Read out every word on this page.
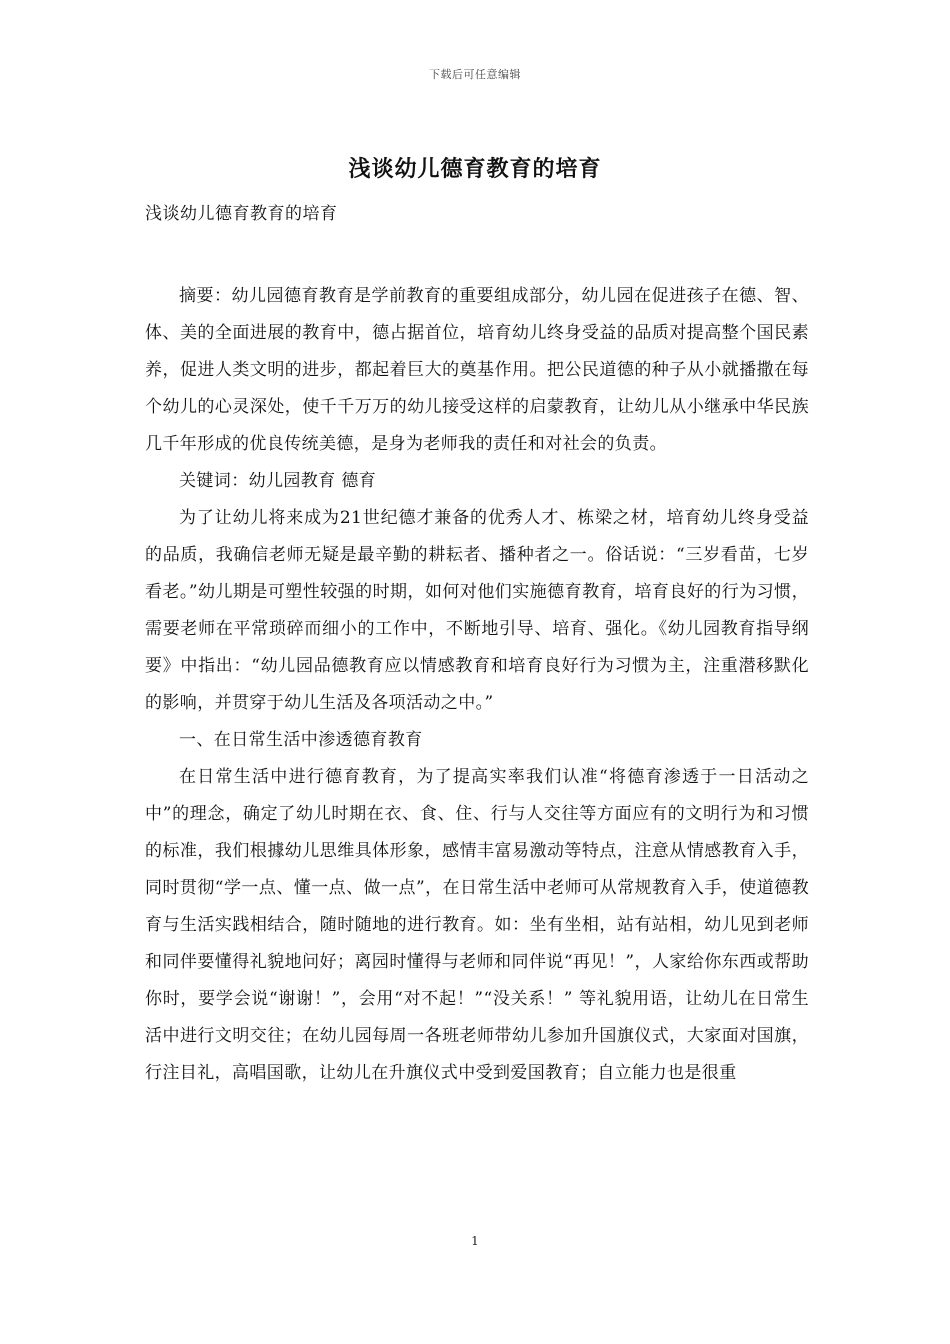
下载后可任意编辑
浅谈幼儿德育教育的培育

浅谈幼儿德育教育的培育

摘要：幼儿园德育教育是学前教育的重要组成部分，幼儿园在促进孩子在德、智、体、美的全面进展的教育中，德占据首位，培育幼儿终身受益的品质对提高整个国民素养，促进人类文明的进步，都起着巨大的奠基作用。把公民道德的种子从小就播撒在每个幼儿的心灵深处，使千千万万的幼儿接受这样的启蒙教育，让幼儿从小继承中华民族几千年形成的优良传统美德，是身为老师我的责任和对社会的负责。

关键词：幼儿园教育 德育

为了让幼儿将来成为21世纪德才兼备的优秀人才、栋梁之材，培育幼儿终身受益的品质，我确信老师无疑是最辛勤的耕耘者、播种者之一。俗话说：“三岁看苗，七岁看老。”幼儿期是可塑性较强的时期，如何对他们实施德育教育，培育良好的行为习惯，需要老师在平常琐碎而细小的工作中，不断地引导、培育、强化。《幼儿园教育指导纲要》中指出：“幼儿园品德教育应以情感教育和培育良好行为习惯为主，注重潜移默化的影响，并贯穿于幼儿生活及各项活动之中。”

一、在日常生活中渗透德育教育

在日常生活中进行德育教育，为了提高实率我们认准“将德育渗透于一日活动之中”的理念，确定了幼儿时期在衣、食、住、行与人交往等方面应有的文明行为和习惯的标准，我们根據幼儿思维具体形象，感情丰富易激动等特点，注意从情感教育入手，同时贯彻“学一点、懂一点、做一点”，在日常生活中老师可从常规教育入手，使道德教育与生活实践相结合，随时随地的进行教育。如：坐有坐相，站有站相，幼儿见到老师和同伴要懂得礼貌地问好；离园时懂得与老师和同伴说“再见！”，人家给你东西或帮助你时，要学会说“谢谢！”，会用“对不起！”“没关系！” 等礼貌用语，让幼儿在日常生活中进行文明交往；在幼儿园每周一各班老师带幼儿参加升国旗仪式，大家面对国旗，行注目礼，高唱国歌，让幼儿在升旗仪式中受到爱国教育；自立能力也是很重

1
